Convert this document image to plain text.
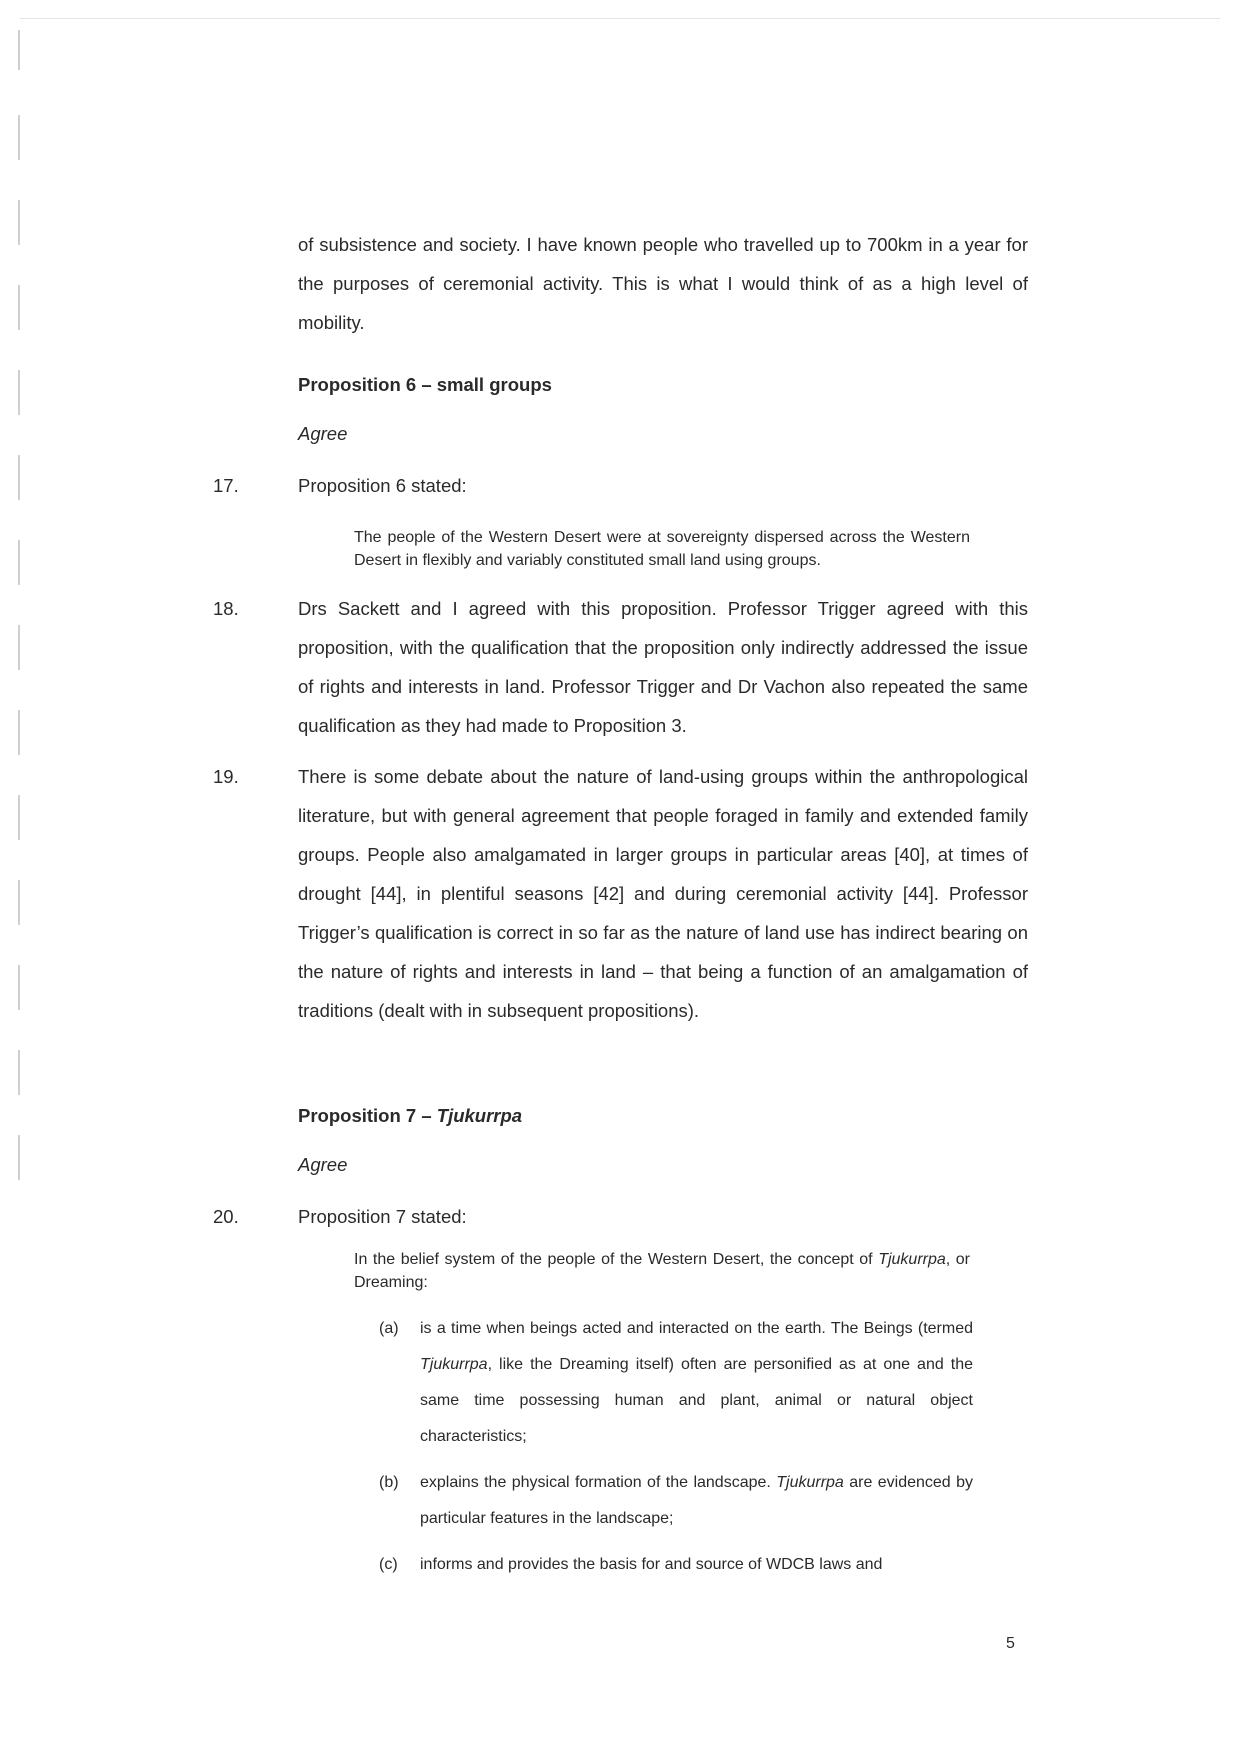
of subsistence and society. I have known people who travelled up to 700km in a year for the purposes of ceremonial activity. This is what I would think of as a high level of mobility.
Proposition 6 – small groups
Agree
17.	Proposition 6 stated:
The people of the Western Desert were at sovereignty dispersed across the Western Desert in flexibly and variably constituted small land using groups.
18.	Drs Sackett and I agreed with this proposition. Professor Trigger agreed with this proposition, with the qualification that the proposition only indirectly addressed the issue of rights and interests in land. Professor Trigger and Dr Vachon also repeated the same qualification as they had made to Proposition 3.
19.	There is some debate about the nature of land-using groups within the anthropological literature, but with general agreement that people foraged in family and extended family groups. People also amalgamated in larger groups in particular areas [40], at times of drought [44], in plentiful seasons [42] and during ceremonial activity [44]. Professor Trigger’s qualification is correct in so far as the nature of land use has indirect bearing on the nature of rights and interests in land – that being a function of an amalgamation of traditions (dealt with in subsequent propositions).
Proposition 7 – Tjukurrpa
Agree
20.	Proposition 7 stated:
In the belief system of the people of the Western Desert, the concept of Tjukurrpa, or Dreaming:
(a) is a time when beings acted and interacted on the earth. The Beings (termed Tjukurrpa, like the Dreaming itself) often are personified as at one and the same time possessing human and plant, animal or natural object characteristics;
(b) explains the physical formation of the landscape. Tjukurrpa are evidenced by particular features in the landscape;
(c) informs and provides the basis for and source of WDCB laws and
5
